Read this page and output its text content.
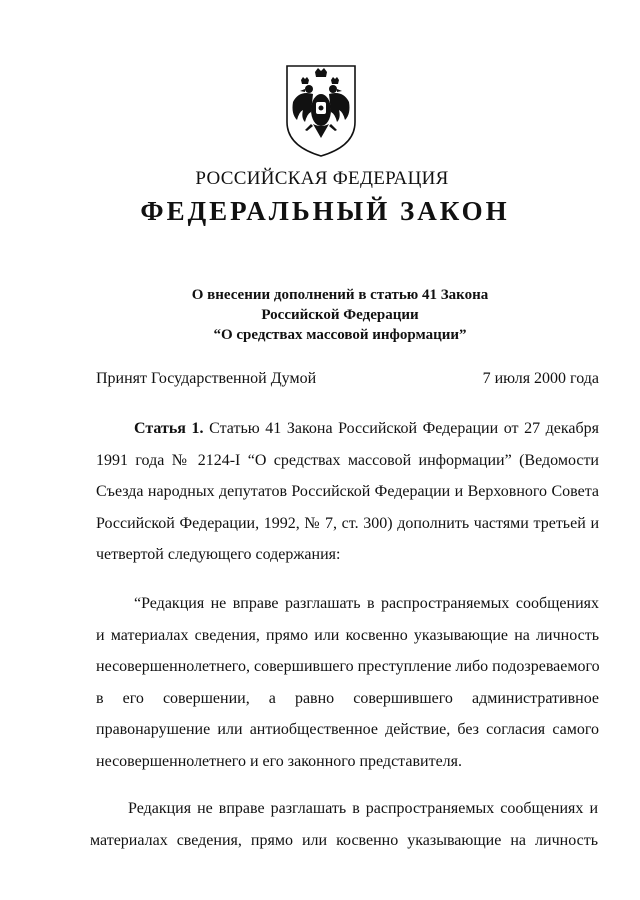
РОССИЙСКАЯ ФЕДЕРАЦИЯ
ФЕДЕРАЛЬНЫЙ ЗАКОН
О внесении дополнений в статью 41 Закона
Российской Федерации
“О средствах массовой информации”
Принят Государственной Думой	7 июля 2000 года
Статья 1. Статью 41 Закона Российской Федерации от 27 декабря
1991 года № 2124-I “О средствах массовой информации” (Ведомости
Съезда народных депутатов Российской Федерации и Верховного Совета
Российской Федерации, 1992, № 7, ст. 300) дополнить частями третьей и
четвертой следующего содержания:
“Редакция не вправе разглашать в распространяемых сообщениях
и материалах сведения, прямо или косвенно указывающие на личность
несовершеннолетнего, совершившего преступление либо подозреваемого
в его совершении, а равно совершившего административное
правонарушение или антиобщественное действие, без согласия самого
несовершеннолетнего и его законного представителя.
Редакция не вправе разглашать в распространяемых сообщениях и
материалах сведения, прямо или косвенно указывающие на личность
